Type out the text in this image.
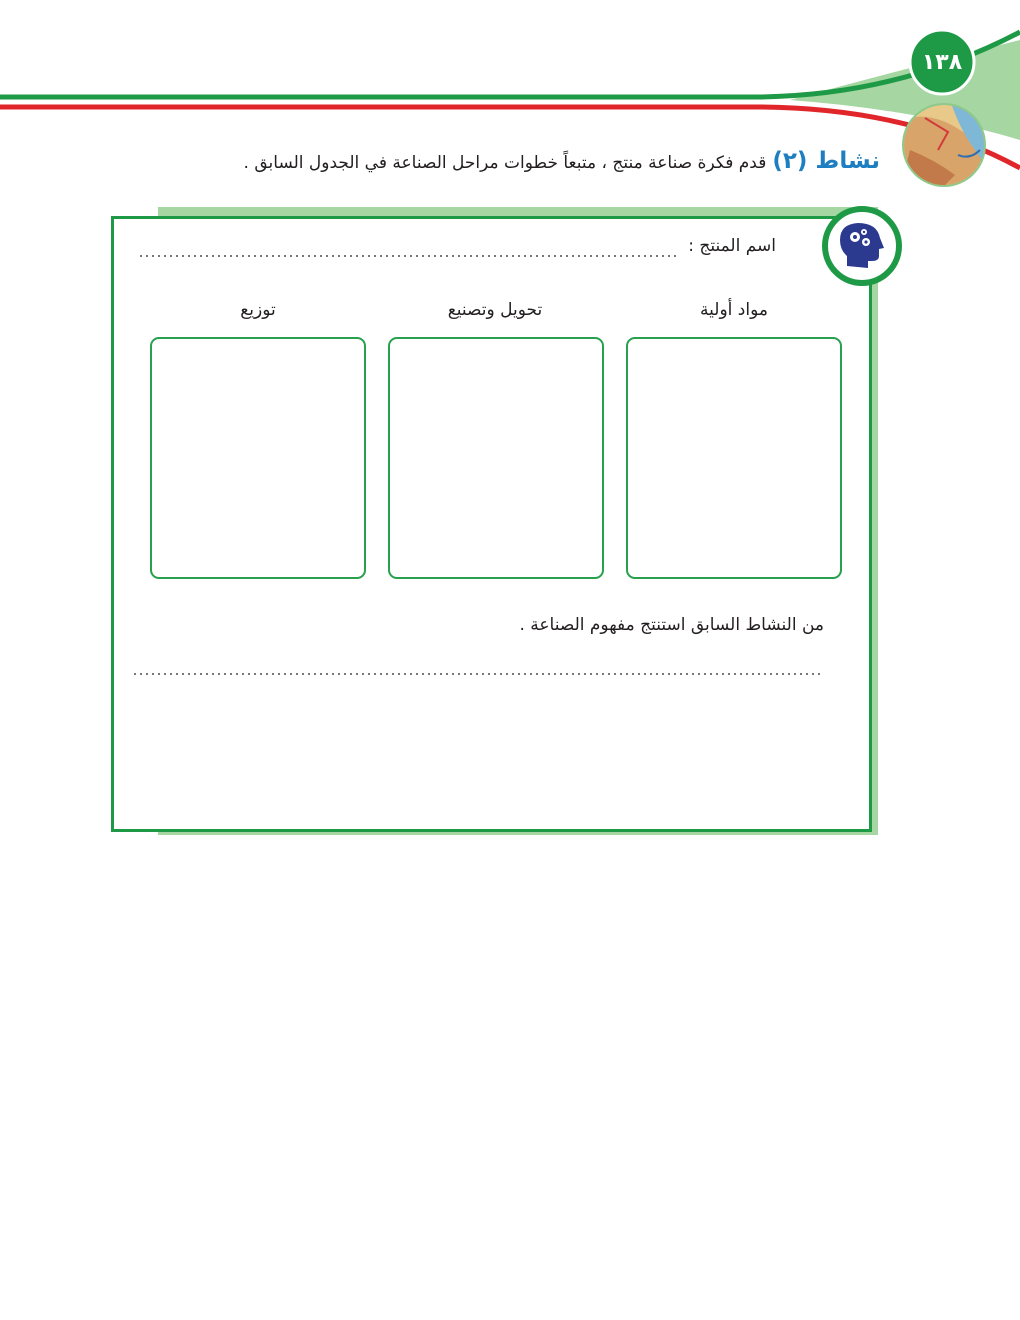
١٣٨
نشاط (٢)قدم فكرة صناعة منتج ، متبعاً خطوات مراحل الصناعة في الجدول السابق .
اسم المنتج :
مواد أولية
تحويل وتصنيع
توزيع
من النشاط السابق استنتج مفهوم الصناعة .
